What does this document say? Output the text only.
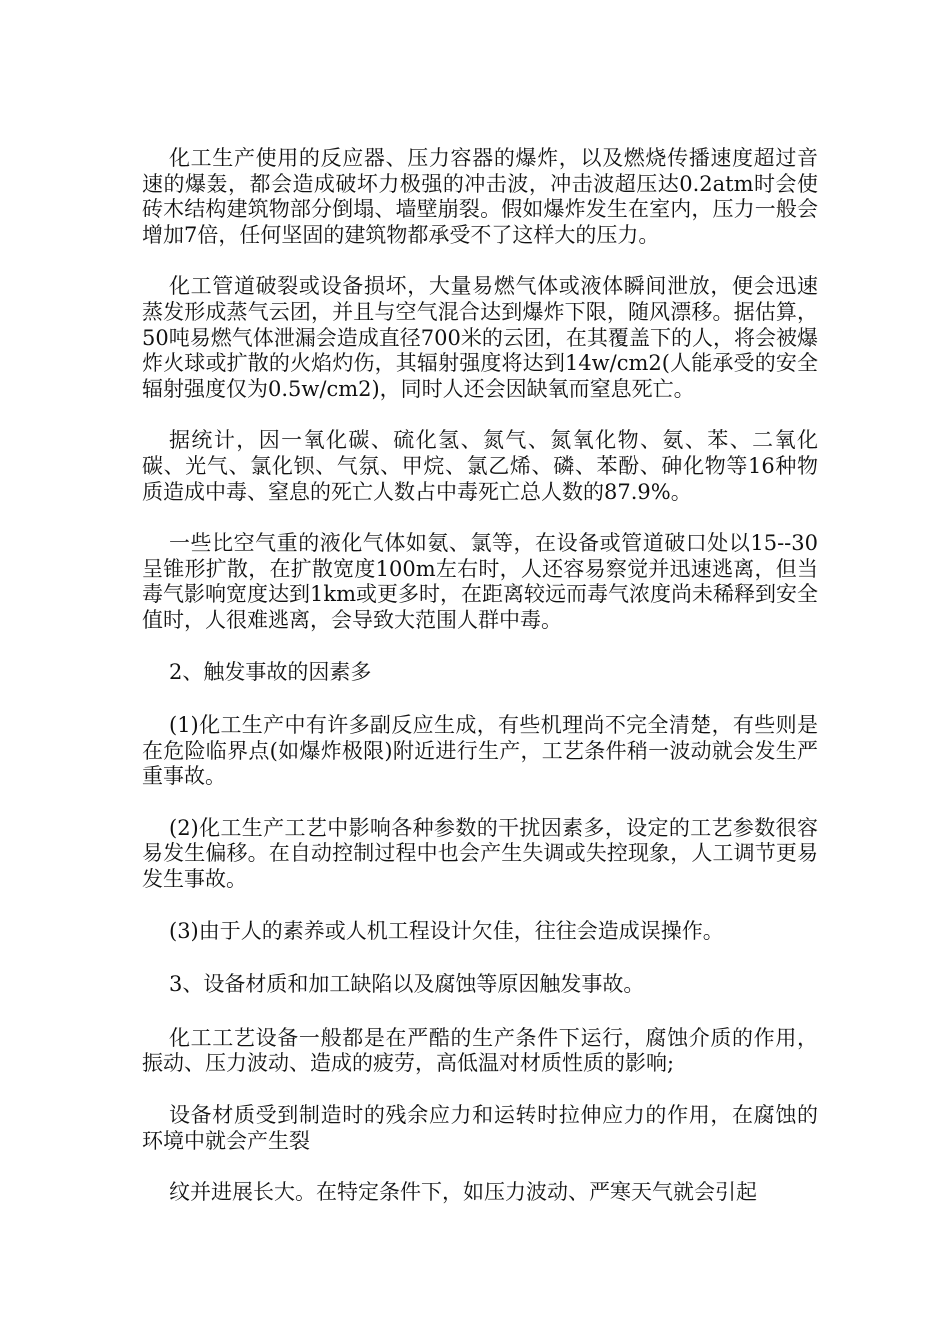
化工生产使用的反应器、压力容器的爆炸，以及燃烧传播速度超过音速的爆轰，都会造成破坏力极强的冲击波，冲击波超压达0.2atm时会使砖木结构建筑物部分倒塌、墙壁崩裂。假如爆炸发生在室内，压力一般会增加7倍，任何坚固的建筑物都承受不了这样大的压力。

化工管道破裂或设备损坏，大量易燃气体或液体瞬间泄放，便会迅速蒸发形成蒸气云团，并且与空气混合达到爆炸下限，随风漂移。据估算，50吨易燃气体泄漏会造成直径700米的云团，在其覆盖下的人，将会被爆炸火球或扩散的火焰灼伤，其辐射强度将达到14w/cm2(人能承受的安全辐射强度仅为0.5w/cm2)，同时人还会因缺氧而窒息死亡。

据统计，因一氧化碳、硫化氢、氮气、氮氧化物、氨、苯、二氧化碳、光气、氯化钡、气氛、甲烷、氯乙烯、磷、苯酚、砷化物等16种物质造成中毒、窒息的死亡人数占中毒死亡总人数的87.9%。

一些比空气重的液化气体如氨、氯等，在设备或管道破口处以15--30 呈锥形扩散，在扩散宽度100m左右时，人还容易察觉并迅速逃离，但当毒气影响宽度达到1km或更多时，在距离较远而毒气浓度尚未稀释到安全值时，人很难逃离，会导致大范围人群中毒。

2、触发事故的因素多

(1)化工生产中有许多副反应生成，有些机理尚不完全清楚，有些则是在危险临界点(如爆炸极限)附近进行生产，工艺条件稍一波动就会发生严重事故。

(2)化工生产工艺中影响各种参数的干扰因素多，设定的工艺参数很容易发生偏移。在自动控制过程中也会产生失调或失控现象，人工调节更易发生事故。

(3)由于人的素养或人机工程设计欠佳，往往会造成误操作。

3、设备材质和加工缺陷以及腐蚀等原因触发事故。

化工工艺设备一般都是在严酷的生产条件下运行，腐蚀介质的作用，振动、压力波动、造成的疲劳，高低温对材质性质的影响;

设备材质受到制造时的残余应力和运转时拉伸应力的作用，在腐蚀的环境中就会产生裂

纹并进展长大。在特定条件下，如压力波动、严寒天气就会引起
